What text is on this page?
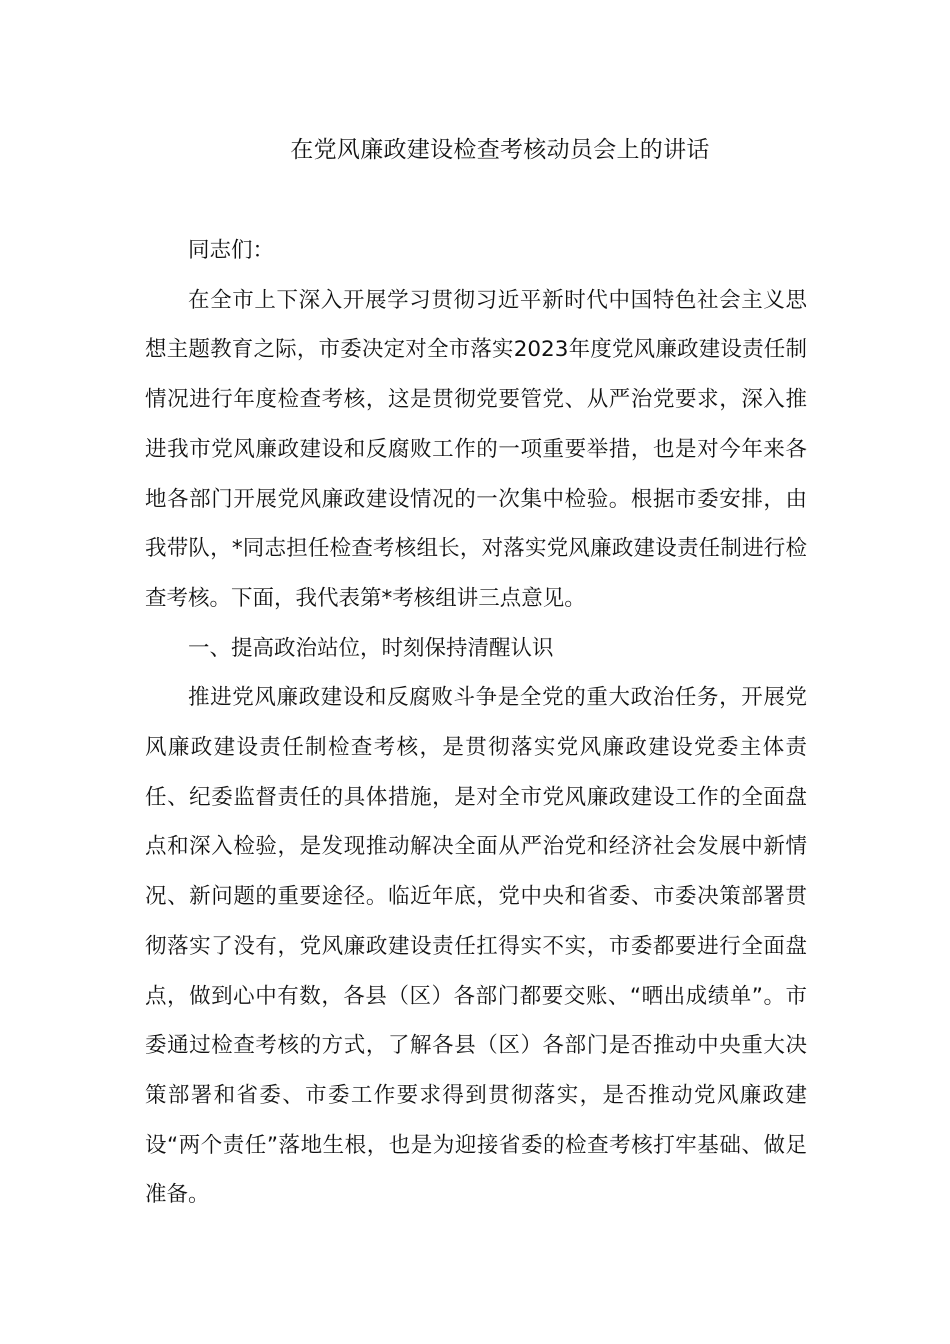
在党风廉政建设检查考核动员会上的讲话

同志们：

在全市上下深入开展学习贯彻习近平新时代中国特色社会主义思想主题教育之际，市委决定对全市落实2023年度党风廉政建设责任制情况进行年度检查考核，这是贯彻党要管党、从严治党要求，深入推进我市党风廉政建设和反腐败工作的一项重要举措，也是对今年来各地各部门开展党风廉政建设情况的一次集中检验。根据市委安排，由我带队，*同志担任检查考核组长，对落实党风廉政建设责任制进行检查考核。下面，我代表第*考核组讲三点意见。

一、提高政治站位，时刻保持清醒认识

推进党风廉政建设和反腐败斗争是全党的重大政治任务，开展党风廉政建设责任制检查考核，是贯彻落实党风廉政建设党委主体责任、纪委监督责任的具体措施，是对全市党风廉政建设工作的全面盘点和深入检验，是发现推动解决全面从严治党和经济社会发展中新情况、新问题的重要途径。临近年底，党中央和省委、市委决策部署贯彻落实了没有，党风廉政建设责任扛得实不实，市委都要进行全面盘点，做到心中有数，各县（区）各部门都要交账、“晒出成绩单”。市委通过检查考核的方式，了解各县（区）各部门是否推动中央重大决策部署和省委、市委工作要求得到贯彻落实，是否推动党风廉政建设“两个责任”落地生根，也是为迎接省委的检查考核打牢基础、做足准备。
